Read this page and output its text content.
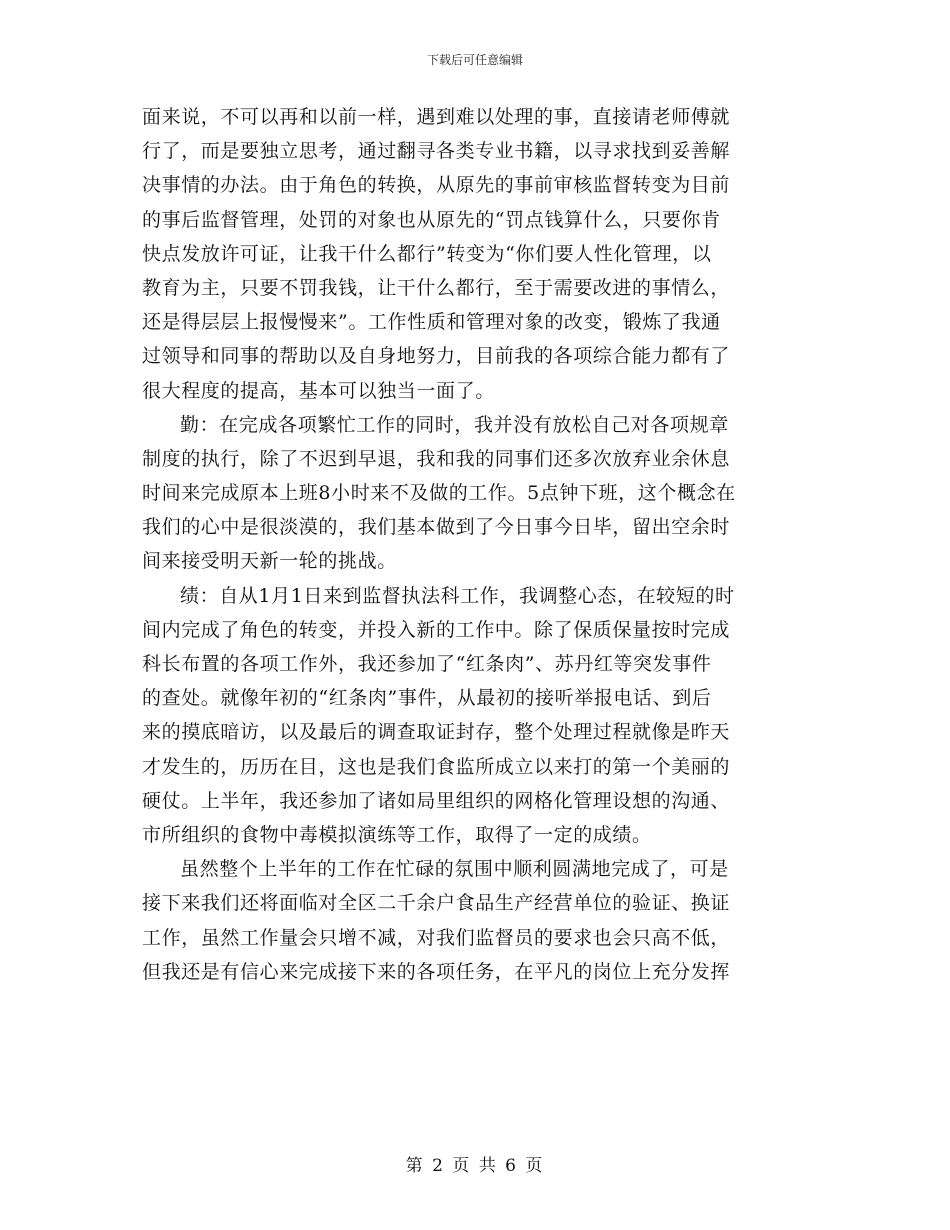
下载后可任意编辑
面来说，不可以再和以前一样，遇到难以处理的事，直接请老师傅就
行了，而是要独立思考，通过翻寻各类专业书籍，以寻求找到妥善解
决事情的办法。由于角色的转换，从原先的事前审核监督转变为目前
的事后监督管理，处罚的对象也从原先的“罚点钱算什么，只要你肯
快点发放许可证，让我干什么都行”转变为“你们要人性化管理，以
教育为主，只要不罚我钱，让干什么都行，至于需要改进的事情么，
还是得层层上报慢慢来”。工作性质和管理对象的改变，锻炼了我通
过领导和同事的帮助以及自身地努力，目前我的各项综合能力都有了
很大程度的提高，基本可以独当一面了。
勤：在完成各项繁忙工作的同时，我并没有放松自己对各项规章
制度的执行，除了不迟到早退，我和我的同事们还多次放弃业余休息
时间来完成原本上班8小时来不及做的工作。5点钟下班，这个概念在
我们的心中是很淡漠的，我们基本做到了今日事今日毕，留出空余时
间来接受明天新一轮的挑战。
绩：自从1月1日来到监督执法科工作，我调整心态，在较短的时
间内完成了角色的转变，并投入新的工作中。除了保质保量按时完成
科长布置的各项工作外，我还参加了“红条肉”、苏丹红等突发事件
的查处。就像年初的“红条肉”事件，从最初的接听举报电话、到后
来的摸底暗访，以及最后的调查取证封存，整个处理过程就像是昨天
才发生的，历历在目，这也是我们食监所成立以来打的第一个美丽的
硬仗。上半年，我还参加了诸如局里组织的网格化管理设想的沟通、
市所组织的食物中毒模拟演练等工作，取得了一定的成绩。
虽然整个上半年的工作在忙碌的氛围中顺利圆满地完成了，可是
接下来我们还将面临对全区二千余户食品生产经营单位的验证、换证
工作，虽然工作量会只增不减，对我们监督员的要求也会只高不低，
但我还是有信心来完成接下来的各项任务，在平凡的岗位上充分发挥
第 2 页 共 6 页
